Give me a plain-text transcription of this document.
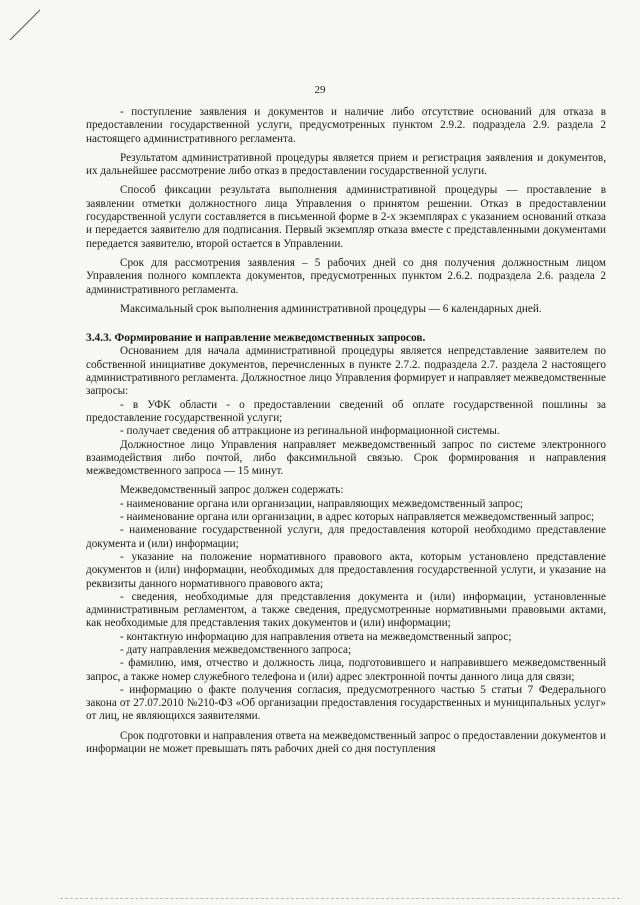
29

- поступление заявления и документов и наличие либо отсутствие оснований для отказа в предоставлении государственной услуги, предусмотренных пунктом 2.9.2. подраздела 2.9. раздела 2 настоящего административного регламента.

Результатом административной процедуры является прием и регистрация заявления и документов, их дальнейшее рассмотрение либо отказ в предоставлении государственной услуги.

Способ фиксации результата выполнения административной процедуры — проставление в заявлении отметки должностного лица Управления о принятом решении. Отказ в предоставлении государственной услуги составляется в письменной форме в 2-х экземплярах с указанием оснований отказа и передается заявителю для подписания. Первый экземпляр отказа вместе с представленными документами передается заявителю, второй остается в Управлении.

Срок для рассмотрения заявления – 5 рабочих дней со дня получения должностным лицом Управления полного комплекта документов, предусмотренных пунктом 2.6.2. подраздела 2.6. раздела 2 административного регламента.

Максимальный срок выполнения административной процедуры — 6 календарных дней.

3.4.3. Формирование и направление межведомственных запросов.

Основанием для начала административной процедуры является непредставление заявителем по собственной инициативе документов, перечисленных в пункте 2.7.2. подраздела 2.7. раздела 2 настоящего административного регламента. Должностное лицо Управления формирует и направляет межведомственные запросы:

- в УФК области - о предоставлении сведений об оплате государственной пошлины за предоставление государственной услуги;

- получает сведения об аттракционе из регинальной информационной системы.

Должностное лицо Управления направляет межведомственный запрос по системе электронного взаимодействия либо почтой, либо факсимильной связью. Срок формирования и направления межведомственного запроса — 15 минут.

Межведомственный запрос должен содержать:

- наименование органа или организации, направляющих межведомственный запрос;

- наименование органа или организации, в адрес которых направляется межведомственный запрос;

- наименование государственной услуги, для предоставления которой необходимо представление документа и (или) информации;

- указание на положение нормативного правового акта, которым установлено представление документов и (или) информации, необходимых для предоставления государственной услуги, и указание на реквизиты данного нормативного правового акта;

- сведения, необходимые для представления документа и (или) информации, установленные административным регламентом, а также сведения, предусмотренные нормативными правовыми актами, как необходимые для представления таких документов и (или) информации;

- контактную информацию для направления ответа на межведомственный запрос;

- дату направления межведомственного запроса;

- фамилию, имя, отчество и должность лица, подготовившего и направившего межведомственный запрос, а также номер служебного телефона и (или) адрес электронной почты данного лица для связи;

- информацию о факте получения согласия, предусмотренного частью 5 статьи 7 Федерального закона от 27.07.2010 №210-ФЗ «Об организации предоставления государственных и муниципальных услуг» от лиц, не являющихся заявителями.

Срок подготовки и направления ответа на межведомственный запрос о предоставлении документов и информации не может превышать пять рабочих дней со дня поступления
